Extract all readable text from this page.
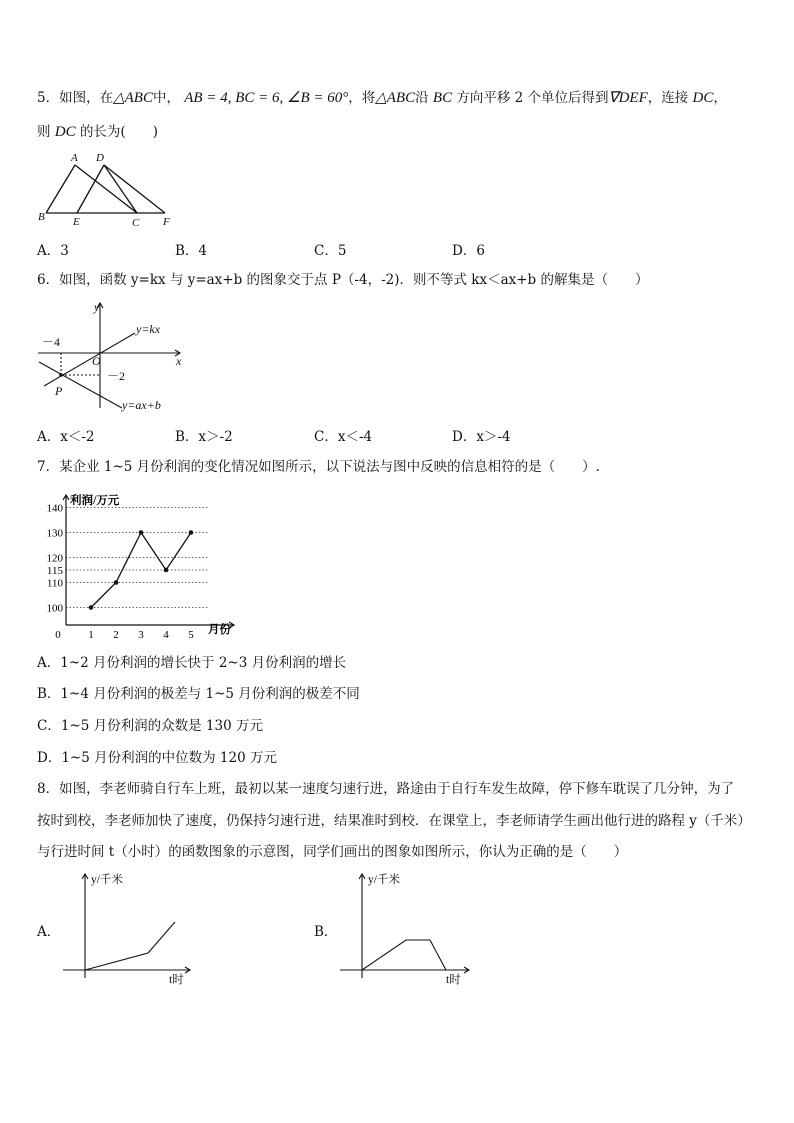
5．如图，在△ABC中， AB = 4, BC = 6, ∠B = 60°，将△ABC沿 BC 方向平移 2 个单位后得到∇DEF，连接 DC，
则 DC 的长为(　　)
A D
B	E	C F
A．3	B．4	C．5	D．6
6．如图，函数 y=kx 与 y=ax+b 的图象交于点 P（-4，-2)．则不等式 kx＜ax+b 的解集是（　　）
y
x
O
－4
－2
P
y=kx
y=ax+b
A．x＜-2	B．x＞-2	C．x＜-4	D．x＞-4
7．某企业 1~5 月份利润的变化情况如图所示，以下说法与图中反映的信息相符的是（　　）.
100
110
115
120
130
140
0	1 2 3 4 5
利润/万元
月份
A．1~2 月份利润的增长快于 2~3 月份利润的增长
B．1~4 月份利润的极差与 1~5 月份利润的极差不同
C．1~5 月份利润的众数是 130 万元
D．1~5 月份利润的中位数为 120 万元
8．如图，李老师骑自行车上班，最初以某一速度匀速行进，路途由于自行车发生故障，停下修车耽误了几分钟，为了
按时到校，李老师加快了速度，仍保持匀速行进，结果准时到校．在课堂上，李老师请学生画出他行进的路程 y（千米）
与行进时间 t（小时）的函数图象的示意图，同学们画出的图象如图所示，你认为正确的是（　　）
A．
y/千米
t时
B．
y/千米
t时
